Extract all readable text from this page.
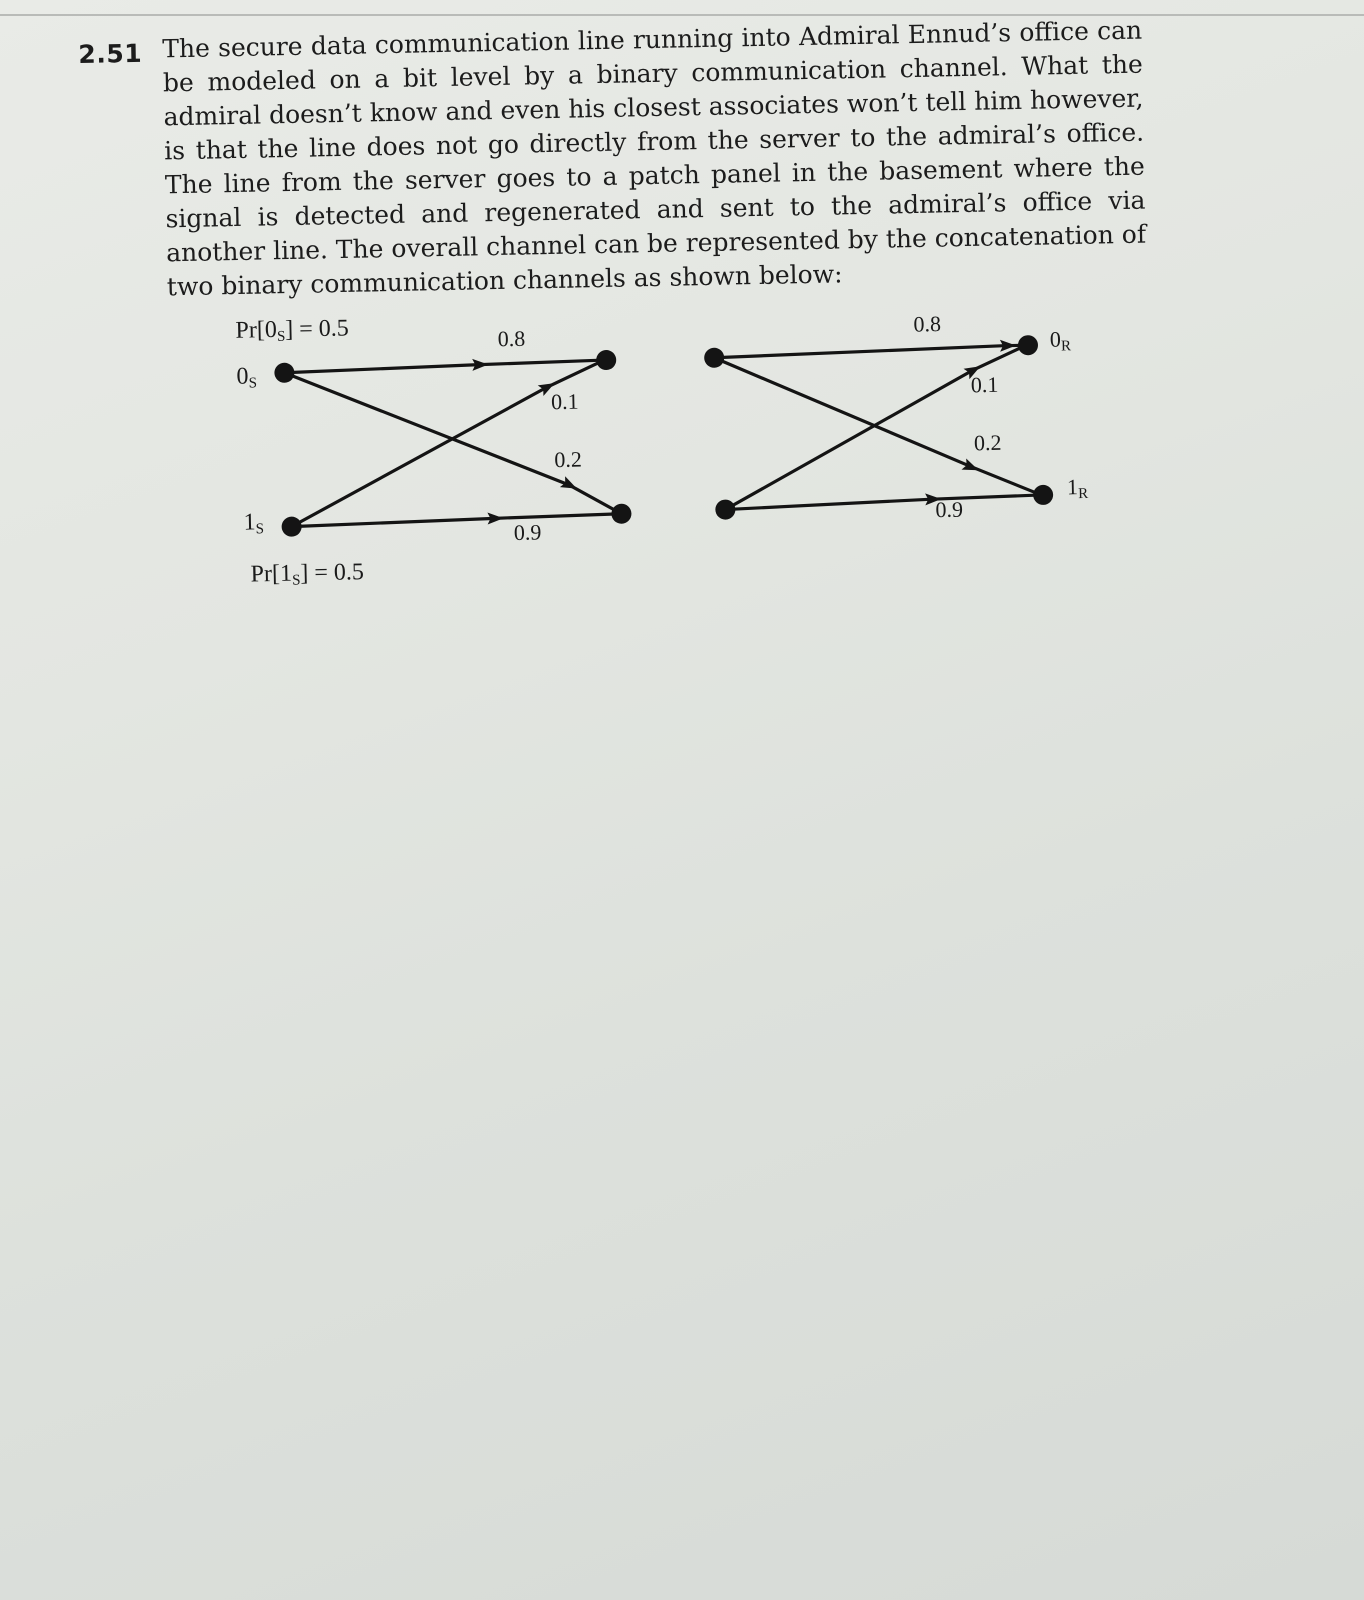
2.51 The secure data communication line running into Admiral Ennud’s office can be modeled on a bit level by a binary communication channel. What the admiral doesn’t know and even his closest associates won’t tell him however, is that the line does not go directly from the server to the admiral’s office. The line from the server goes to a patch panel in the basement where the signal is detected and regenerated and sent to the admiral’s office via another line. The overall channel can be represented by the concatenation of two binary communication channels as shown below:
$Pr[0_S] = 0.5$
$Pr[1_S] = 0.5$
$0_S$
$1_S$
$0_R$
$1_R$
0.8
0.1
0.2
0.9
0.8
0.1
0.2
0.9
